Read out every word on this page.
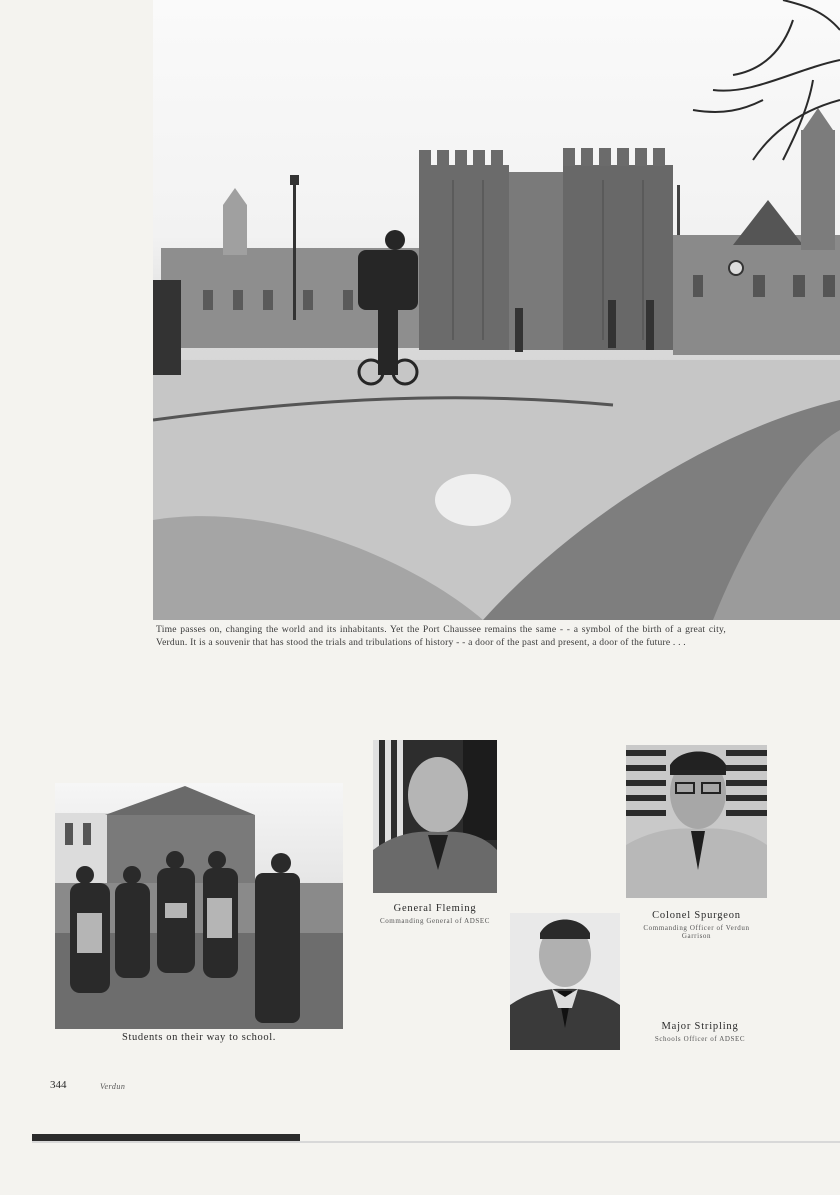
Time passes on, changing the world and its inhabitants. Yet the Port Chaussee remains the same - - a symbol of the birth of a great city, Verdun. It is a souvenir that has stood the trials and tribulations of history - - a door of the past and present, a door of the future . . .
Students on their way to school.
General Fleming
Commanding General of ADSEC	Colonel Spurgeon
Commanding Officer of Verdun Garrison
Major Stripling
Schools Officer of ADSEC
344	Verdun
